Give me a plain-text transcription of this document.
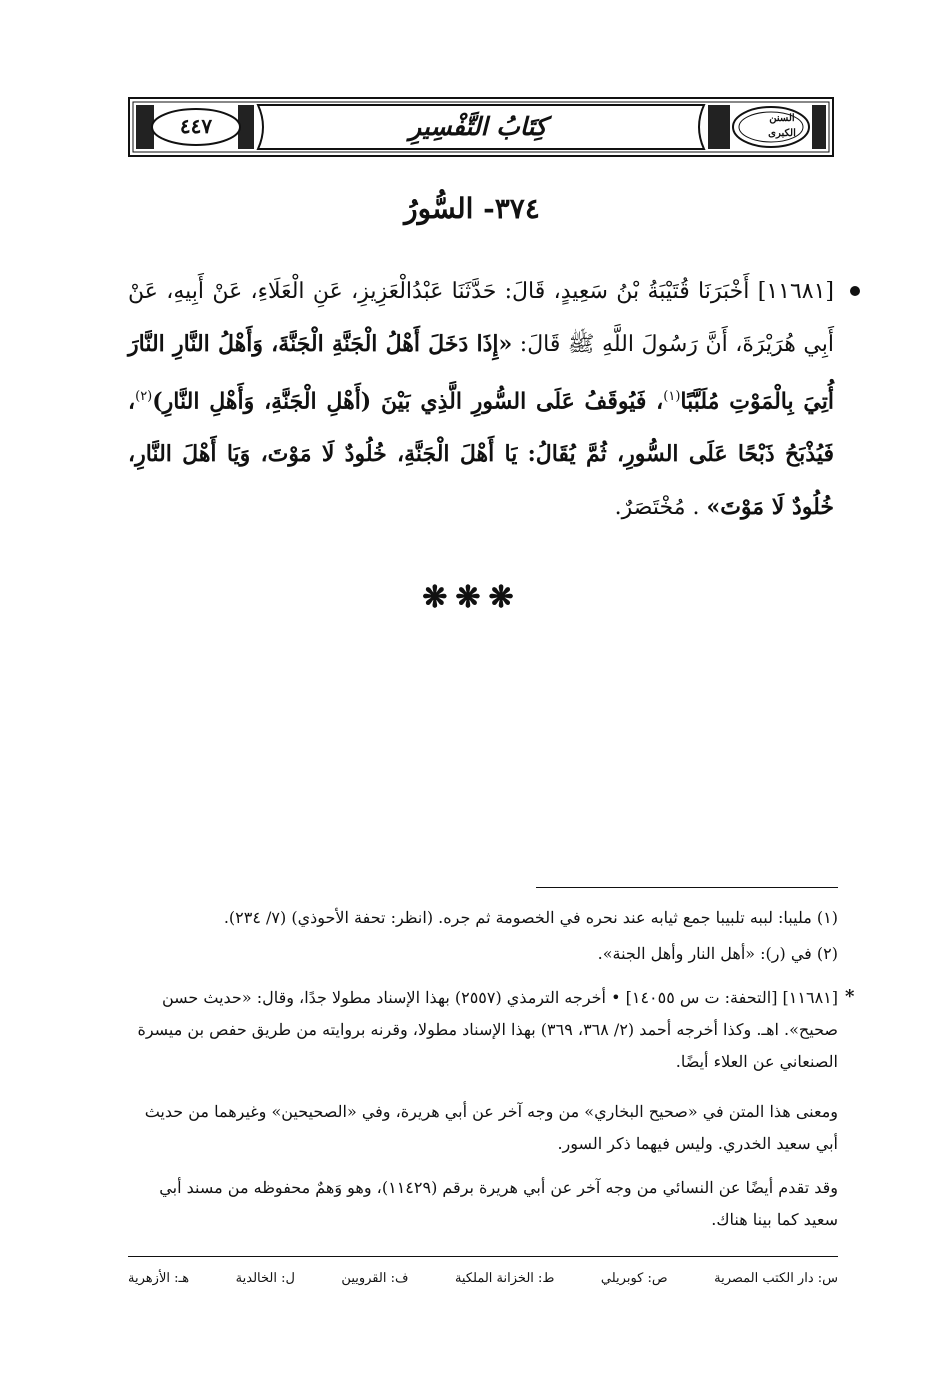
٤٤٧	كِتَابُ التَّفْسِيرِ	السنن
الكبرى
٣٧٤- السُّورُ
[١١٦٨١] أَخْبَرَنَا قُتَيْبَةُ بْنُ سَعِيدٍ، قَالَ: حَدَّثَنَا عَبْدُالْعَزِيزِ، عَنِ الْعَلَاءِ، عَنْ أَبِيهِ، عَنْ أَبِي هُرَيْرَةَ، أَنَّ رَسُولَ اللَّهِ ﷺ قَالَ: «إِذَا دَخَلَ أَهْلُ الْجَنَّةِ الْجَنَّةَ، وَأَهْلُ النَّارِ النَّارَ أُتِيَ بِالْمَوْتِ مُلَبَّبًا$^{(١)}$، فَيُوقَفُ عَلَى السُّورِ الَّذِي بَيْنَ (أَهْلِ الْجَنَّةِ، وَأَهْلِ النَّارِ)$^{(٢)}$، فَيُذْبَحُ ذَبْحًا عَلَى السُّورِ، ثُمَّ يُقَالُ: يَا أَهْلَ الْجَنَّةِ، خُلُودٌ لَا مَوْتَ، وَيَا أَهْلَ النَّارِ، خُلُودٌ لَا مَوْتَ» . مُخْتَصَرٌ.
❋❋❋
(١) مليبا: لببه تلبيبا جمع ثيابه عند نحره في الخصومة ثم جره. (انظر: تحفة الأحوذي) (٧/ ٢٣٤).
(٢) في (ر): «أهل النار وأهل الجنة».
*
[١١٦٨١] [التحفة: ت س ١٤٠٥٥] • أخرجه الترمذي (٢٥٥٧) بهذا الإسناد مطولا جدًا، وقال: «حديث حسن صحيح». اهـ. وكذا أخرجه أحمد (٢/ ٣٦٨، ٣٦٩) بهذا الإسناد مطولا، وقرنه بروايته من طريق حفص بن ميسرة الصنعاني عن العلاء أيضًا.
ومعنى هذا المتن في «صحيح البخاري» من وجه آخر عن أبي هريرة، وفي «الصحيحين» وغيرهما من حديث أبي سعيد الخدري. وليس فيهما ذكر السور.
وقد تقدم أيضًا عن النسائي من وجه آخر عن أبي هريرة برقم (١١٤٢٩)، وهو وَهمٌ محفوظه من مسند أبي سعيد كما بينا هناك.
س: دار الكتب المصرية
ص: كوبريلي
ط: الخزانة الملكية
ف: القرويين
ل: الخالدية
هـ: الأزهرية
